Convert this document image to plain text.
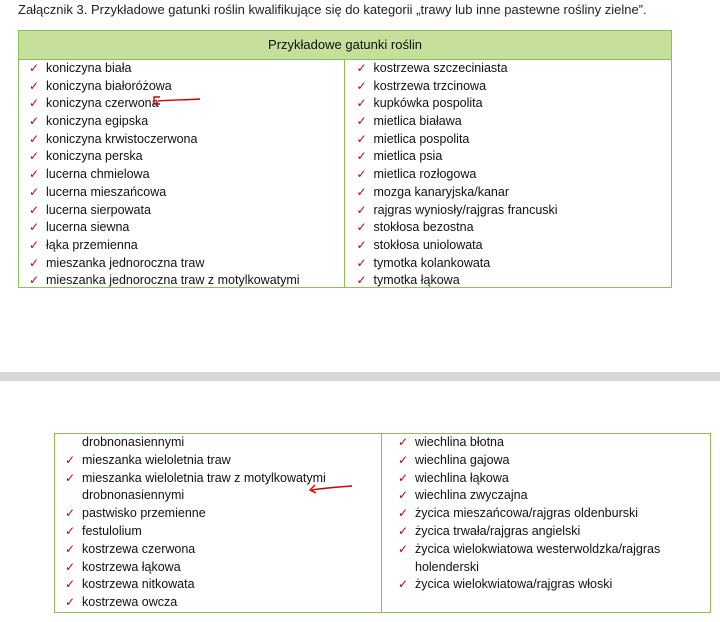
Załącznik 3. Przykładowe gatunki roślin kwalifikujące się do kategorii „trawy lub inne pastewne rośliny zielne”.
Przykładowe gatunki roślin
✓ koniczyna biała
✓ koniczyna białoróżowa
✓ koniczyna czerwona
✓ koniczyna egipska
✓ koniczyna krwistoczerwona
✓ koniczyna perska
✓ lucerna chmielowa
✓ lucerna mieszańcowa
✓ lucerna sierpowata
✓ lucerna siewna
✓ łąka przemienna
✓ mieszanka jednoroczna traw
✓ mieszanka jednoroczna traw z motylkowatymi
✓ kostrzewa szczeciniasta
✓ kostrzewa trzcinowa
✓ kupkówka pospolita
✓ mietlica biaława
✓ mietlica pospolita
✓ mietlica psia
✓ mietlica rozłogowa
✓ mozga kanaryjska/kanar
✓ rajgras wyniosły/rajgras francuski
✓ stokłosa bezostna
✓ stokłosa uniolowata
✓ tymotka kolankowata
✓ tymotka łąkowa
drobnonasiennymi
✓ mieszanka wieloletnia traw
✓ mieszanka wieloletnia traw z motylkowatymi
drobnonasiennymi
✓ pastwisko przemienne
✓ festulolium
✓ kostrzewa czerwona
✓ kostrzewa łąkowa
✓ kostrzewa nitkowata
✓ kostrzewa owcza
✓ wiechlina błotna
✓ wiechlina gajowa
✓ wiechlina łąkowa
✓ wiechlina zwyczajna
✓ życica mieszańcowa/rajgras oldenburski
✓ życica trwała/rajgras angielski
✓ życica wielokwiatowa westerwoldzka/rajgras
holenderski
✓ życica wielokwiatowa/rajgras włoski
